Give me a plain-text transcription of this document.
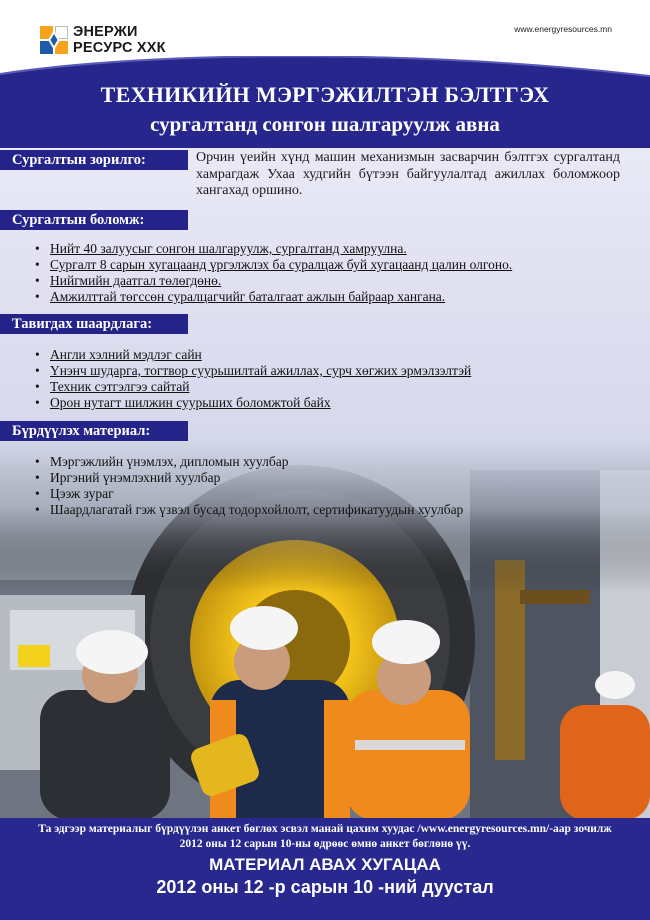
ЭНЕРЖИ
РЕСУРС ХХК
www.energyresources.mn
ТЕХНИКИЙН МЭРГЭЖИЛТЭН БЭЛТГЭХ
сургалтанд сонгон шалгаруулж авна
Сургалтын зорилго:	Орчин үеийн хүнд машин механизмын засварчин бэлтгэх сургалтанд хамрагдаж Ухаа худгийн бүтээн байгуулалтад ажиллах боломжоор хангахад оршино.
Сургалтын боломж:
• Нийт 40 залуусыг сонгон шалгаруулж, сургалтанд хамруулна.
• Сургалт 8 сарын хугацаанд үргэлжлэх ба суралцаж буй хугацаанд цалин олгоно.
• Нийгмийн даатгал төлөгдөнө.
• Амжилттай төгссөн суралцагчийг баталгаат ажлын байраар хангана.
Тавигдах шаардлага:
• Англи хэлний мэдлэг сайн
• Үнэнч шударга, тогтвор суурьшилтай ажиллах, сурч хөгжих эрмэлзэлтэй
• Техник сэтгэлгээ сайтай
• Орон нутагт шилжин суурьших боломжтой байх
Бүрдүүлэх материал:
• Мэргэжлийн үнэмлэх, дипломын хуулбар
• Иргэний үнэмлэхний хуулбар
• Цээж зураг
• Шаардлагатай гэж үзвэл бусад тодорхойлолт, сертификатуудын хуулбар
Та эдгээр материалыг бүрдүүлэн анкет бөглөх эсвэл манай цахим хуудас /www.energyresources.mn/-аар зочилж
2012 оны 12 сарын 10-ны өдрөөс өмнө анкет бөглөнө үү.
МАТЕРИАЛ АВАХ ХУГАЦАА
2012 оны 12 -р сарын 10 -ний дуустал
